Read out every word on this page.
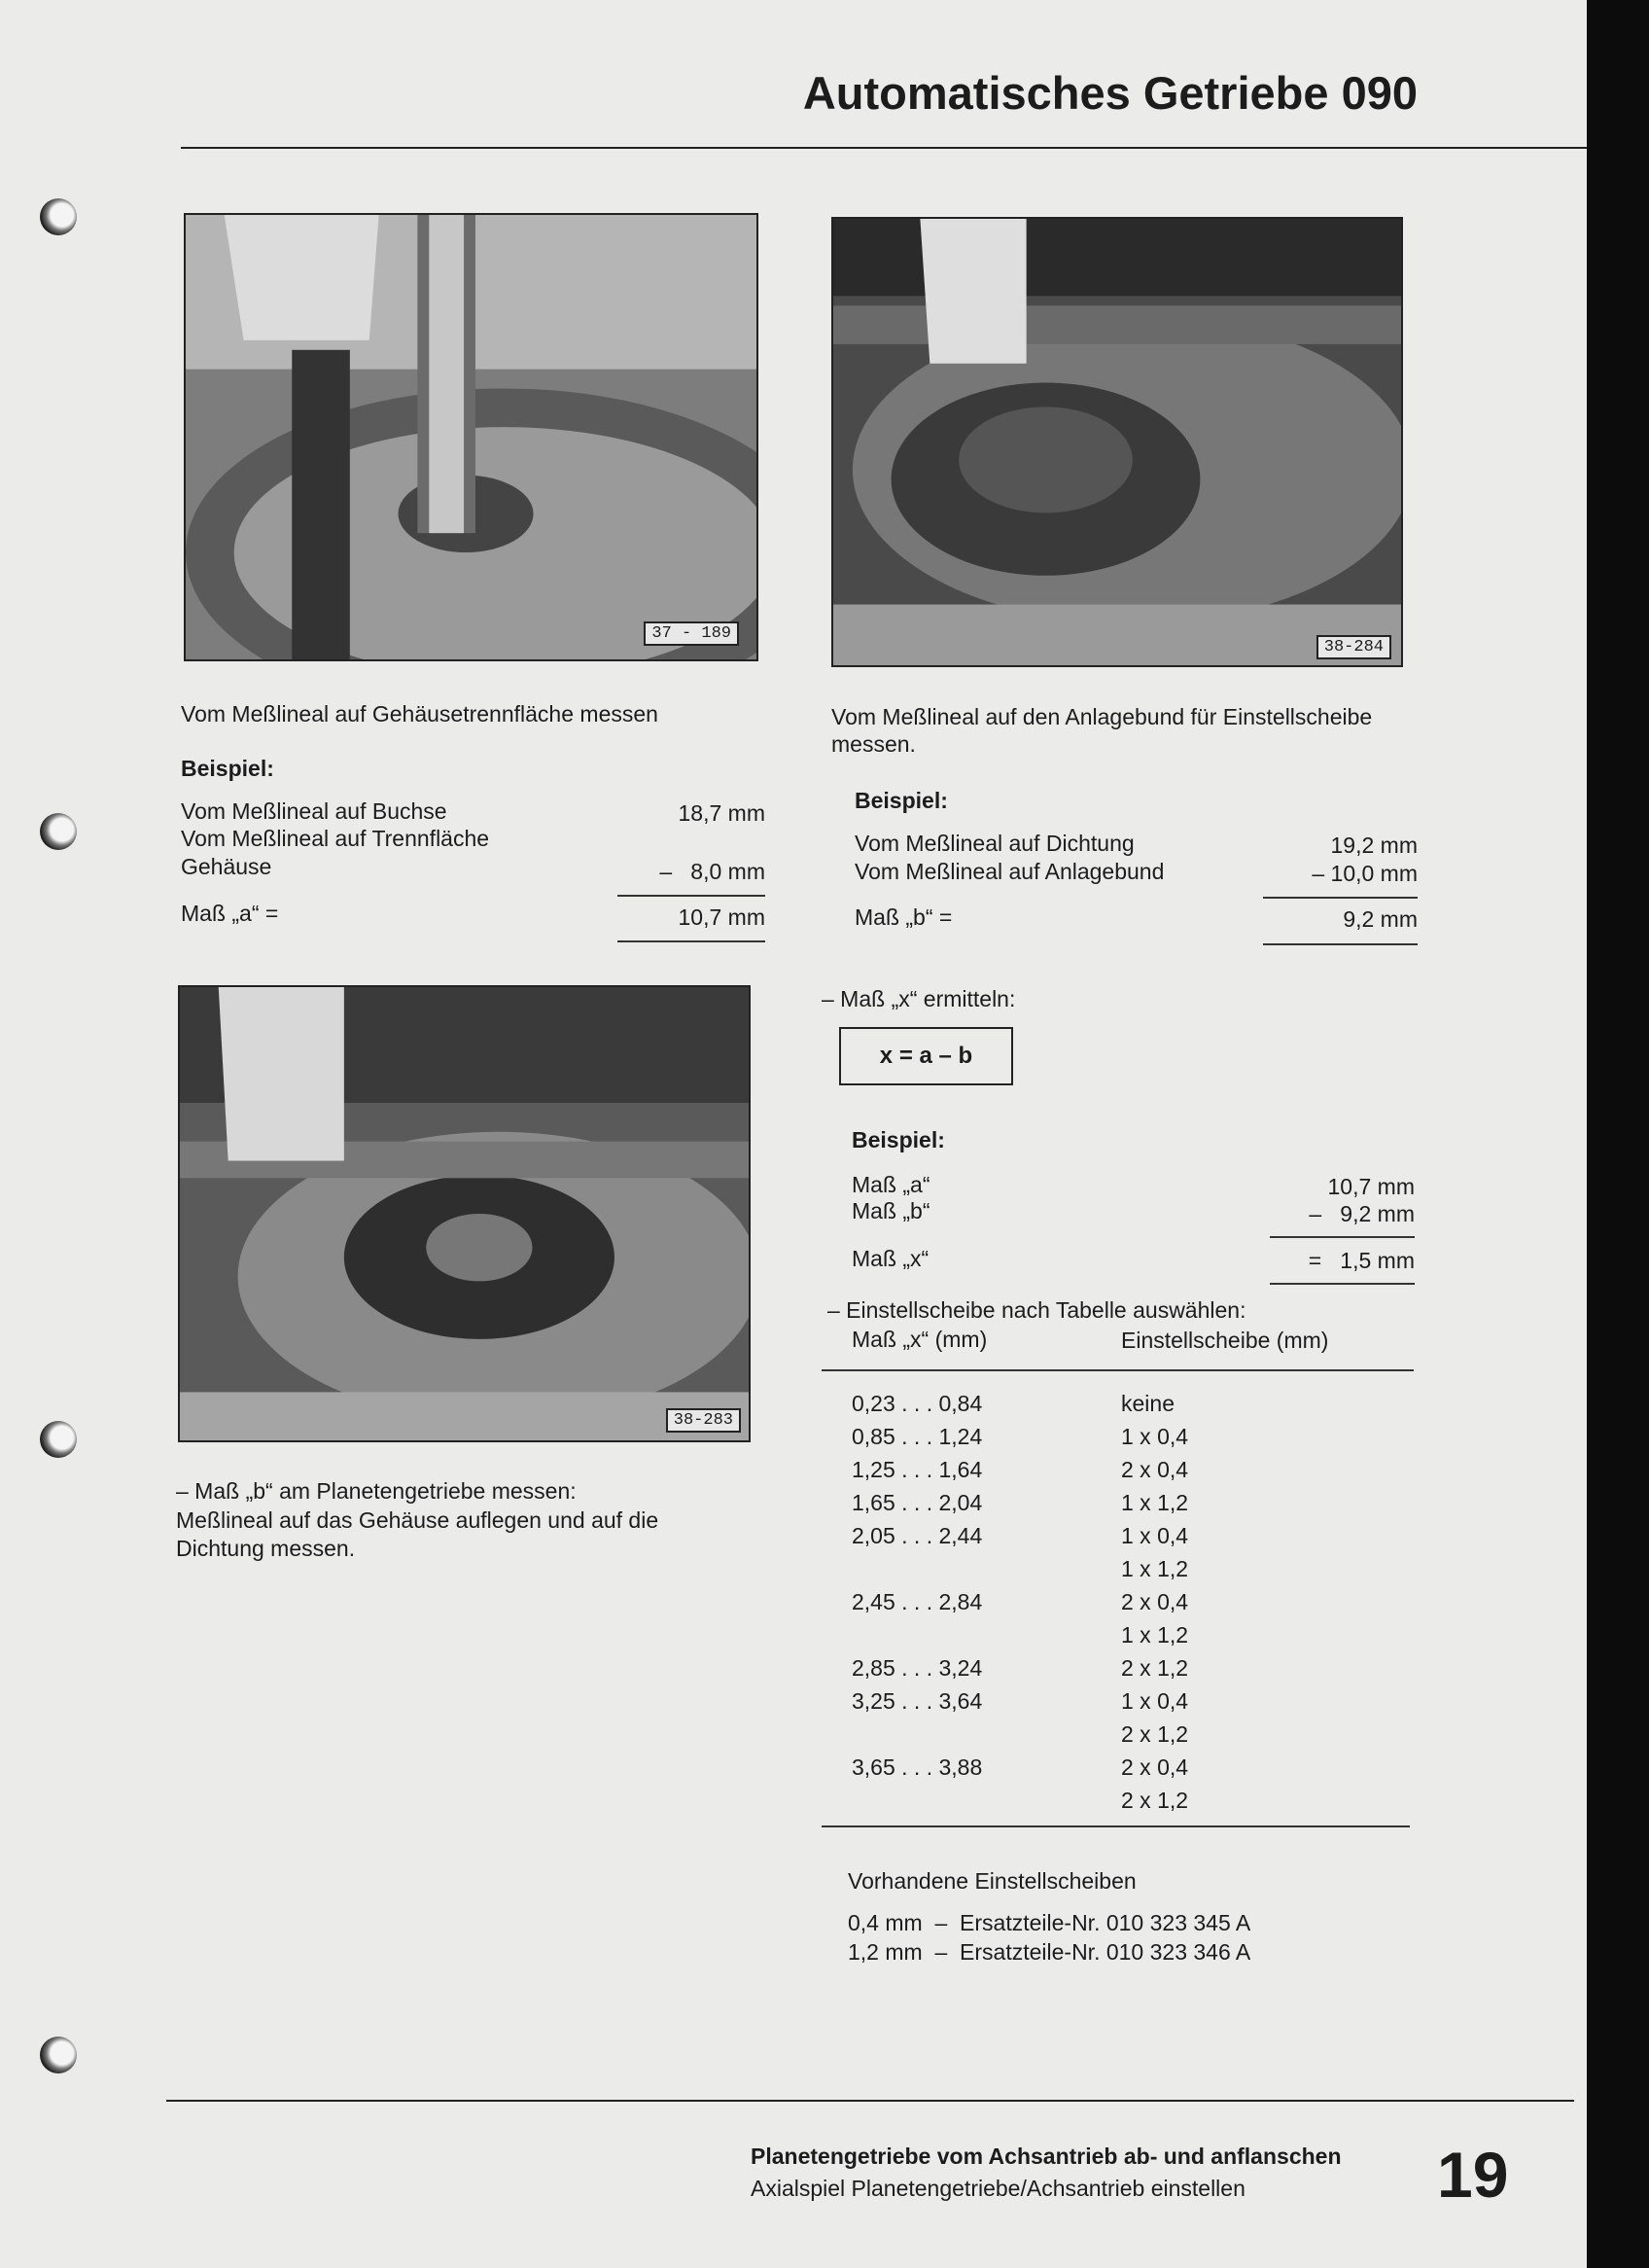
Automatisches Getriebe 090
37 - 189
38-284
38-283
Vom Meßlineal auf Gehäusetrennfläche messen
Beispiel:
Vom Meßlineal auf Buchse	18,7 mm
Vom Meßlineal auf Trennfläche
Gehäuse	–   8,0 mm
Maß „a“ =	10,7 mm
– Maß „b“ am Planetengetriebe messen:
Meßlineal auf das Gehäuse auflegen und auf die
Dichtung messen.
Vom Meßlineal auf den Anlagebund für Einstellscheibe
messen.
Beispiel:
Vom Meßlineal auf Dichtung	19,2 mm
Vom Meßlineal auf Anlagebund	– 10,0 mm
Maß „b“ =	9,2 mm
– Maß „x“ ermitteln:
x = a – b
Beispiel:
Maß „a“	10,7 mm
Maß „b“	–   9,2 mm
Maß „x“	=   1,5 mm
– Einstellscheibe nach Tabelle auswählen:
Maß „x“ (mm)	Einstellscheibe (mm)
0,23 . . . 0,84	keine
0,85 . . . 1,24	1 x 0,4
1,25 . . . 1,64	2 x 0,4
1,65 . . . 2,04	1 x 1,2
2,05 . . . 2,44	1 x 0,4
1 x 1,2
2,45 . . . 2,84	2 x 0,4
1 x 1,2
2,85 . . . 3,24	2 x 1,2
3,25 . . . 3,64	1 x 0,4
2 x 1,2
3,65 . . . 3,88	2 x 0,4
2 x 1,2
Vorhandene Einstellscheiben
0,4 mm  –  Ersatzteile-Nr. 010 323 345 A
1,2 mm  –  Ersatzteile-Nr. 010 323 346 A
Planetengetriebe vom Achsantrieb ab- und anflanschen
Axialspiel Planetengetriebe/Achsantrieb einstellen	19
